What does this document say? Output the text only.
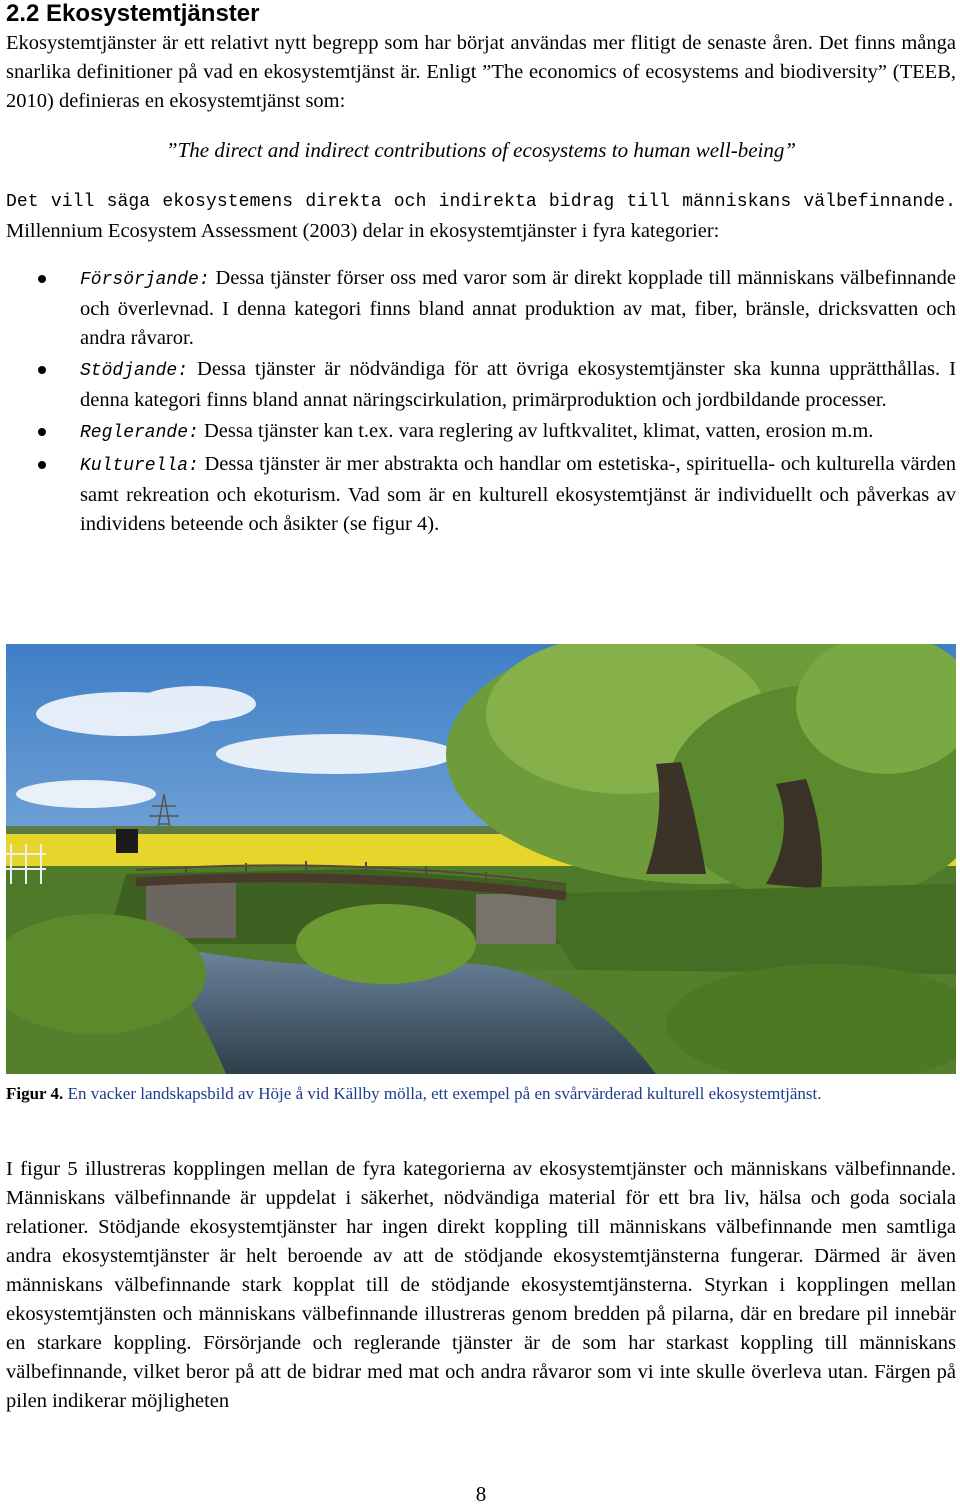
2.2 Ekosystemtjänster
Ekosystemtjänster är ett relativt nytt begrepp som har börjat användas mer flitigt de senaste åren. Det finns många snarlika definitioner på vad en ekosystemtjänst är. Enligt ”The economics of ecosystems and biodiversity” (TEEB, 2010) definieras en ekosystemtjänst som:
”The direct and indirect contributions of ecosystems to human well-being”
Det vill säga ekosystemens direkta och indirekta bidrag till människans välbefinnande. Millennium Ecosystem Assessment (2003) delar in ekosystemtjänster i fyra kategorier:
Försörjande: Dessa tjänster förser oss med varor som är direkt kopplade till människans välbefinnande och överlevnad. I denna kategori finns bland annat produktion av mat, fiber, bränsle, dricksvatten och andra råvaror.
Stödjande: Dessa tjänster är nödvändiga för att övriga ekosystemtjänster ska kunna upprätthållas. I denna kategori finns bland annat näringscirkulation, primärproduktion och jordbildande processer.
Reglerande: Dessa tjänster kan t.ex. vara reglering av luftkvalitet, klimat, vatten, erosion m.m.
Kulturella: Dessa tjänster är mer abstrakta och handlar om estetiska-, spirituella- och kulturella värden samt rekreation och ekoturism. Vad som är en kulturell ekosystemtjänst är individuellt och påverkas av individens beteende och åsikter (se figur 4).
Figur 4. En vacker landskapsbild av Höje å vid Källby mölla, ett exempel på en svårvärderad kulturell ekosystemtjänst.
I figur 5 illustreras kopplingen mellan de fyra kategorierna av ekosystemtjänster och människans välbefinnande. Människans välbefinnande är uppdelat i säkerhet, nödvändiga material för ett bra liv, hälsa och goda sociala relationer. Stödjande ekosystemtjänster har ingen direkt koppling till människans välbefinnande men samtliga andra ekosystemtjänster är helt beroende av att de stödjande ekosystemtjänsterna fungerar. Därmed är även människans välbefinnande stark kopplat till de stödjande ekosystemtjänsterna. Styrkan i kopplingen mellan ekosystemtjänsten och människans välbefinnande illustreras genom bredden på pilarna, där en bredare pil innebär en starkare koppling. Försörjande och reglerande tjänster är de som har starkast koppling till människans välbefinnande, vilket beror på att de bidrar med mat och andra råvaror som vi inte skulle överleva utan. Färgen på pilen indikerar möjligheten
8
